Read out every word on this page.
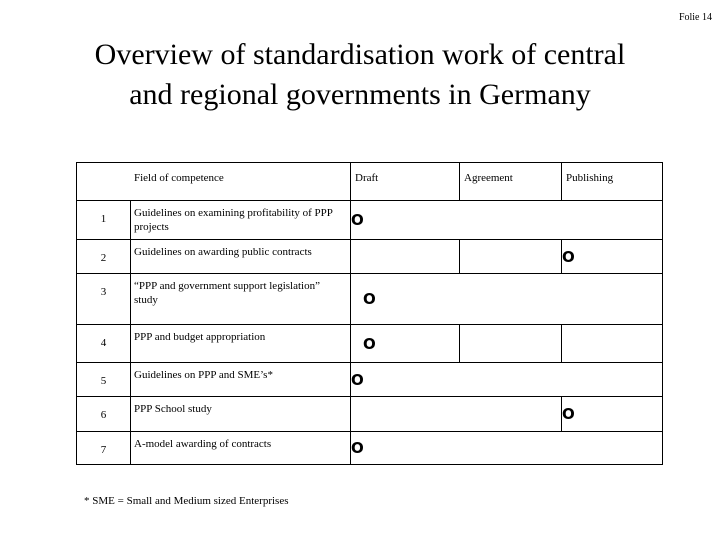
Folie 14
Overview of standardisation work of central
and regional governments in Germany
Field of competence		Draft	Agreement	Publishing
1	Guidelines on examining profitability of PPP projects	O		
2	Guidelines on awarding public contracts			O
3	“PPP and government support legislation” study	O		
4	PPP and budget appropriation	O		
5	Guidelines on PPP and SME’s*	O		
6	PPP School study			O
7	A-model awarding of contracts	O		
* SME = Small and Medium sized Enterprises
